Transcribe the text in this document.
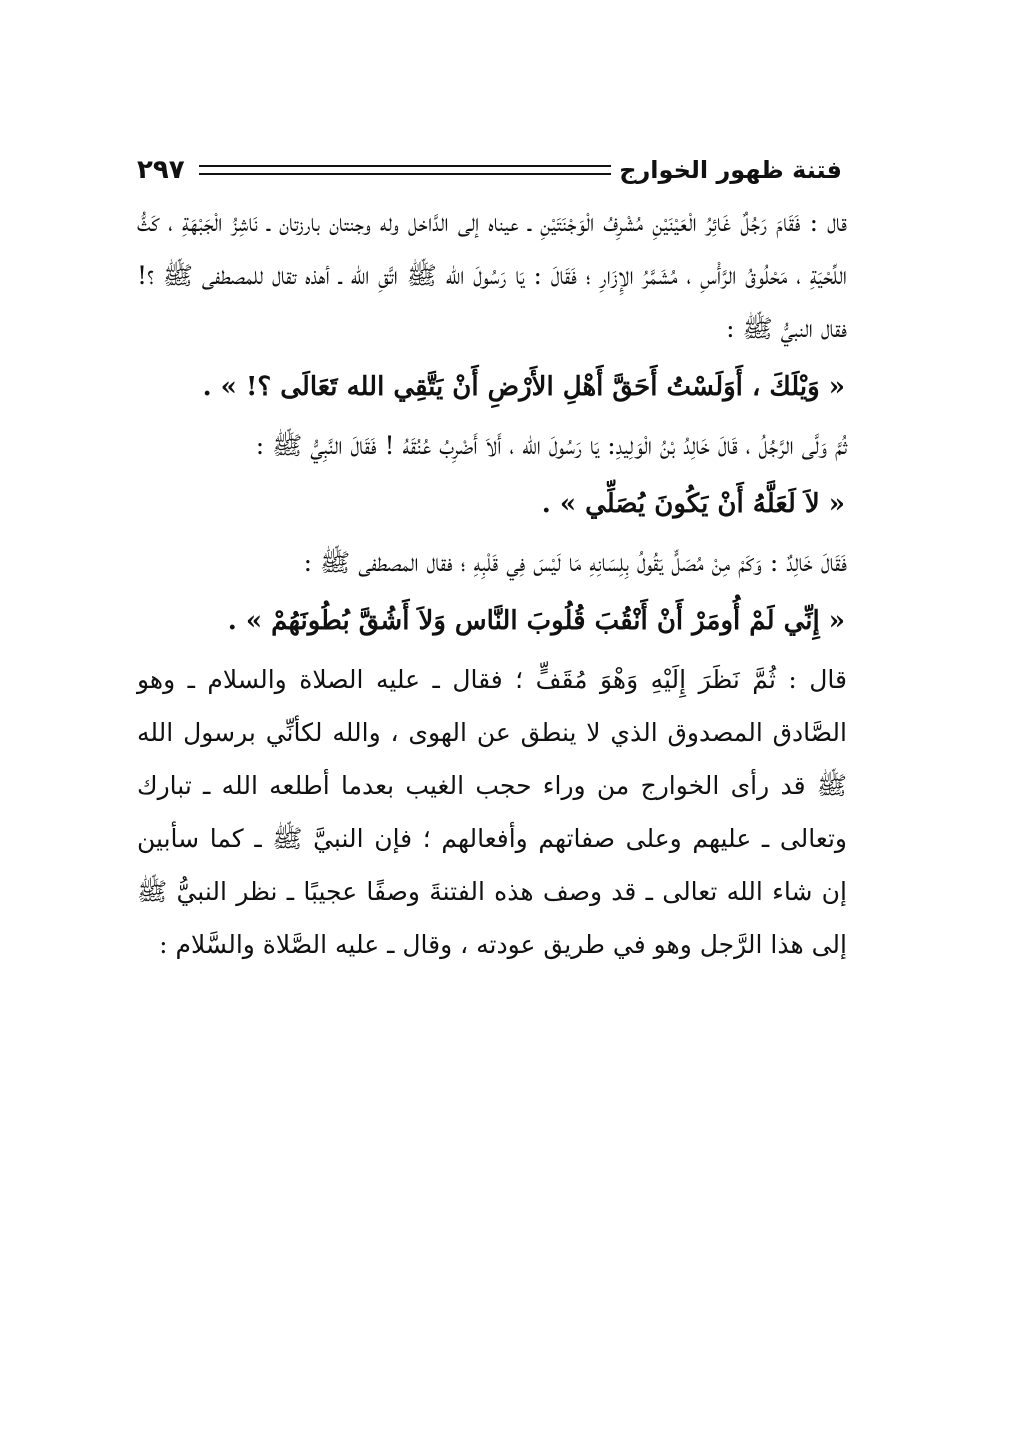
٢٩٧	فتنة ظهور الخوارج

قال : فَقَامَ رَجُلٌ غَائِرُ الْعَيْنَيْنِ مُشْرِفُ الْوَجْنَتَيْنِ ـ عيناه إلى الدَّاخل وله وجنتان بارزتان ـ نَاشِزُ الْجَبْهَةِ ، كَثُّ اللِّحْيَةِ ، مَحْلُوقُ الرَّأْسِ ، مُشَمَّرُ الإِزَارِ ؛ فَقَالَ : يَا رَسُولَ الله ﷺ اتَّقِ الله ـ أهذه تقال للمصطفى ﷺ ؟! فقال النبيُّ ﷺ :

« وَيْلَكَ ، أَوَلَسْتُ أَحَقَّ أَهْلِ الأَرْضِ أَنْ يَتَّقِي الله تَعَالَى ؟! » .

ثُمَّ وَلَّى الرَّجُلُ ، قَالَ خَالِدُ بْنُ الْوَلِيدِ: يَا رَسُولَ الله ، أَلاَ أَضْرِبُ عُنُقَهُ ! فَقَالَ النَّبِيُّ ﷺ :

« لاَ لَعَلَّهُ أَنْ يَكُونَ يُصَلِّي » .

فَقَالَ خَالِدٌ : وَكَمْ مِنْ مُصَلٍّ يَقُولُ بِلِسَانِهِ مَا لَيْسَ فِي قَلْبِهِ ؛ فقال المصطفى ﷺ :

« إِنِّي لَمْ أُومَرْ أَنْ أَنْقُبَ قُلُوبَ النَّاس وَلاَ أَشُقَّ بُطُونَهُمْ » .

قال : ثُمَّ نَظَرَ إِلَيْهِ وَهْوَ مُقَفٍّ ؛ فقال ـ عليه الصلاة والسلام ـ وهو الصَّادق المصدوق الذي لا ينطق عن الهوى ، والله لكأنِّي برسول الله ﷺ قد رأى الخوارج من وراء حجب الغيب بعدما أطلعه الله ـ تبارك وتعالى ـ عليهم وعلى صفاتهم وأفعالهم ؛ فإن النبيَّ ﷺ ـ كما سأبين إن شاء الله تعالى ـ قد وصف هذه الفتنةَ وصفًا عجيبًا ـ نظر النبيُّ ﷺ إلى هذا الرَّجل وهو في طريق عودته ، وقال ـ عليه الصَّلاة والسَّلام :
